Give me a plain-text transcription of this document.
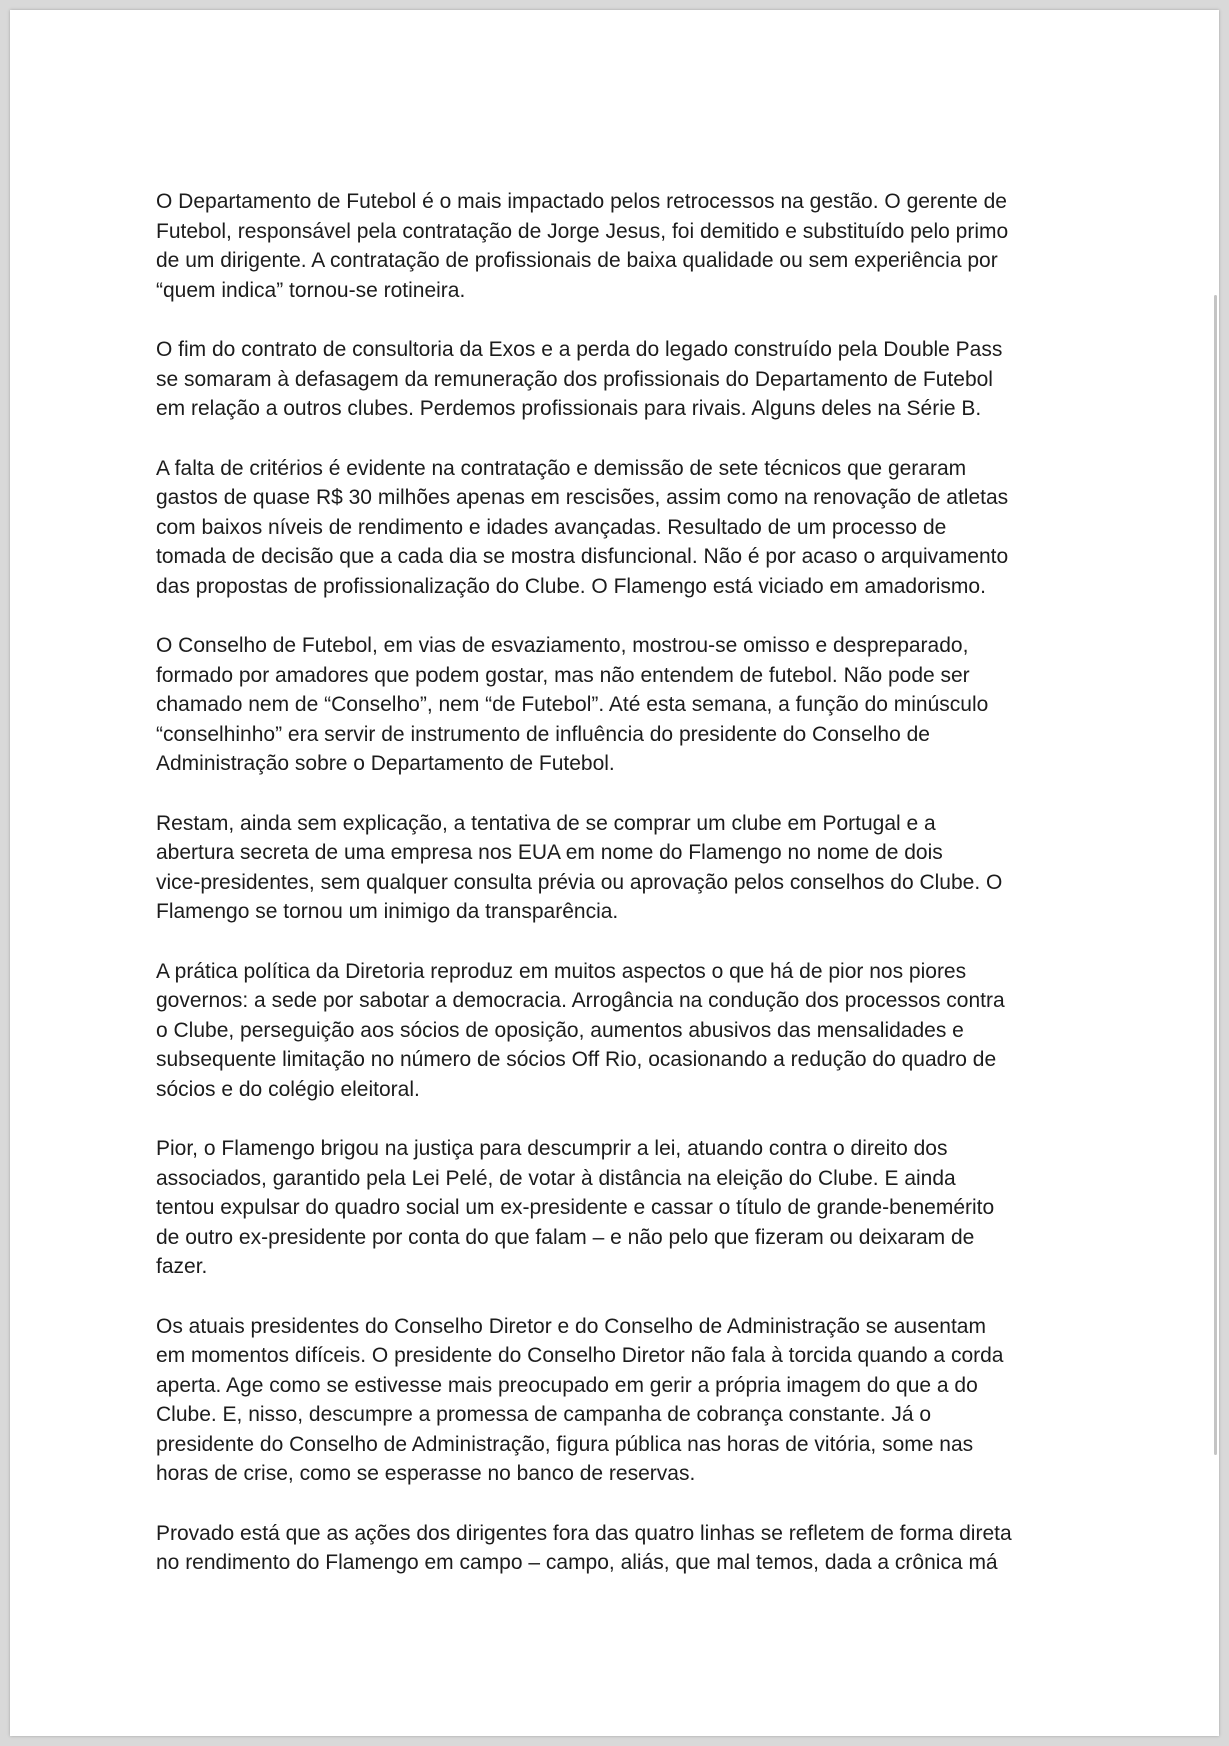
O Departamento de Futebol é o mais impactado pelos retrocessos na gestão. O gerente de
Futebol, responsável pela contratação de Jorge Jesus, foi demitido e substituído pelo primo
de um dirigente. A contratação de profissionais de baixa qualidade ou sem experiência por
“quem indica” tornou-se rotineira.

O fim do contrato de consultoria da Exos e a perda do legado construído pela Double Pass
se somaram à defasagem da remuneração dos profissionais do Departamento de Futebol
em relação a outros clubes. Perdemos profissionais para rivais. Alguns deles na Série B.

A falta de critérios é evidente na contratação e demissão de sete técnicos que geraram
gastos de quase R$ 30 milhões apenas em rescisões, assim como na renovação de atletas
com baixos níveis de rendimento e idades avançadas. Resultado de um processo de
tomada de decisão que a cada dia se mostra disfuncional. Não é por acaso o arquivamento
das propostas de profissionalização do Clube. O Flamengo está viciado em amadorismo.

O Conselho de Futebol, em vias de esvaziamento, mostrou-se omisso e despreparado,
formado por amadores que podem gostar, mas não entendem de futebol. Não pode ser
chamado nem de “Conselho”, nem “de Futebol”. Até esta semana, a função do minúsculo
“conselhinho” era servir de instrumento de influência do presidente do Conselho de
Administração sobre o Departamento de Futebol.

Restam, ainda sem explicação, a tentativa de se comprar um clube em Portugal e a
abertura secreta de uma empresa nos EUA em nome do Flamengo no nome de dois
vice-presidentes, sem qualquer consulta prévia ou aprovação pelos conselhos do Clube. O
Flamengo se tornou um inimigo da transparência.

A prática política da Diretoria reproduz em muitos aspectos o que há de pior nos piores
governos: a sede por sabotar a democracia. Arrogância na condução dos processos contra
o Clube, perseguição aos sócios de oposição, aumentos abusivos das mensalidades e
subsequente limitação no número de sócios Off Rio, ocasionando a redução do quadro de
sócios e do colégio eleitoral.

Pior, o Flamengo brigou na justiça para descumprir a lei, atuando contra o direito dos
associados, garantido pela Lei Pelé, de votar à distância na eleição do Clube. E ainda
tentou expulsar do quadro social um ex-presidente e cassar o título de grande-benemérito
de outro ex-presidente por conta do que falam – e não pelo que fizeram ou deixaram de
fazer.

Os atuais presidentes do Conselho Diretor e do Conselho de Administração se ausentam
em momentos difíceis. O presidente do Conselho Diretor não fala à torcida quando a corda
aperta. Age como se estivesse mais preocupado em gerir a própria imagem do que a do
Clube. E, nisso, descumpre a promessa de campanha de cobrança constante. Já o
presidente do Conselho de Administração, figura pública nas horas de vitória, some nas
horas de crise, como se esperasse no banco de reservas.

Provado está que as ações dos dirigentes fora das quatro linhas se refletem de forma direta
no rendimento do Flamengo em campo – campo, aliás, que mal temos, dada a crônica má
